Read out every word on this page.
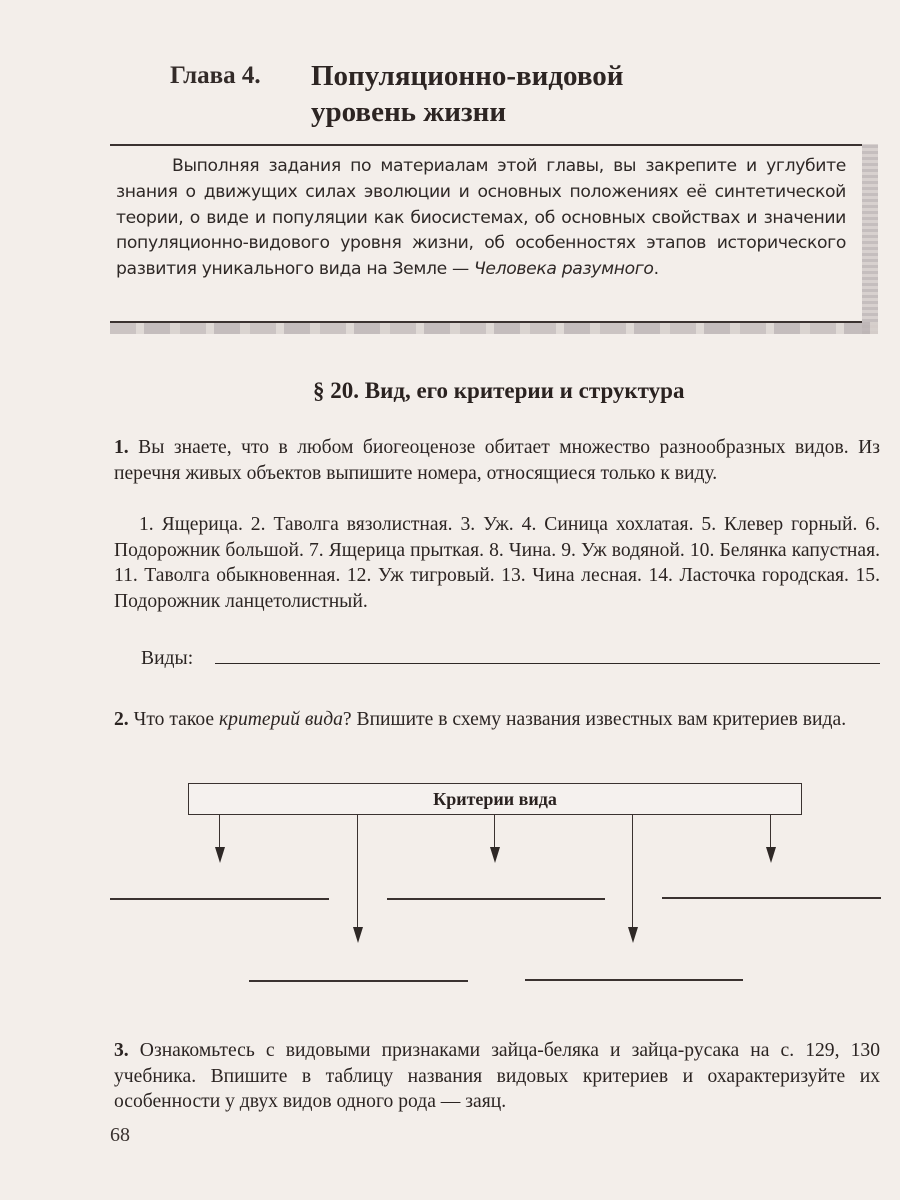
Глава 4. Популяционно-видовой уровень жизни
Выполняя задания по материалам этой главы, вы закрепите и углубите знания о движущих силах эволюции и основных положениях её синтетической теории, о виде и популяции как биосистемах, об основных свойствах и значении популяционно-видового уровня жизни, об особенностях этапов исторического развития уникального вида на Земле — Человека разумного.
§ 20. Вид, его критерии и структура
1. Вы знаете, что в любом биогеоценозе обитает множество разнообразных видов. Из перечня живых объектов выпишите номера, относящиеся только к виду.
1. Ящерица. 2. Таволга вязолистная. 3. Уж. 4. Синица хохлатая. 5. Клевер горный. 6. Подорожник большой. 7. Ящерица прыткая. 8. Чина. 9. Уж водяной. 10. Белянка капустная. 11. Таволга обыкновенная. 12. Уж тигровый. 13. Чина лесная. 14. Ласточка городская. 15. Подорожник ланцетолистный.
Виды:
2. Что такое критерий вида? Впишите в схему названия известных вам критериев вида.
Критерии вида
3. Ознакомьтесь с видовыми признаками зайца-беляка и зайца-русака на с. 129, 130 учебника. Впишите в таблицу названия видовых критериев и охарактеризуйте их особенности у двух видов одного рода — заяц.
68
